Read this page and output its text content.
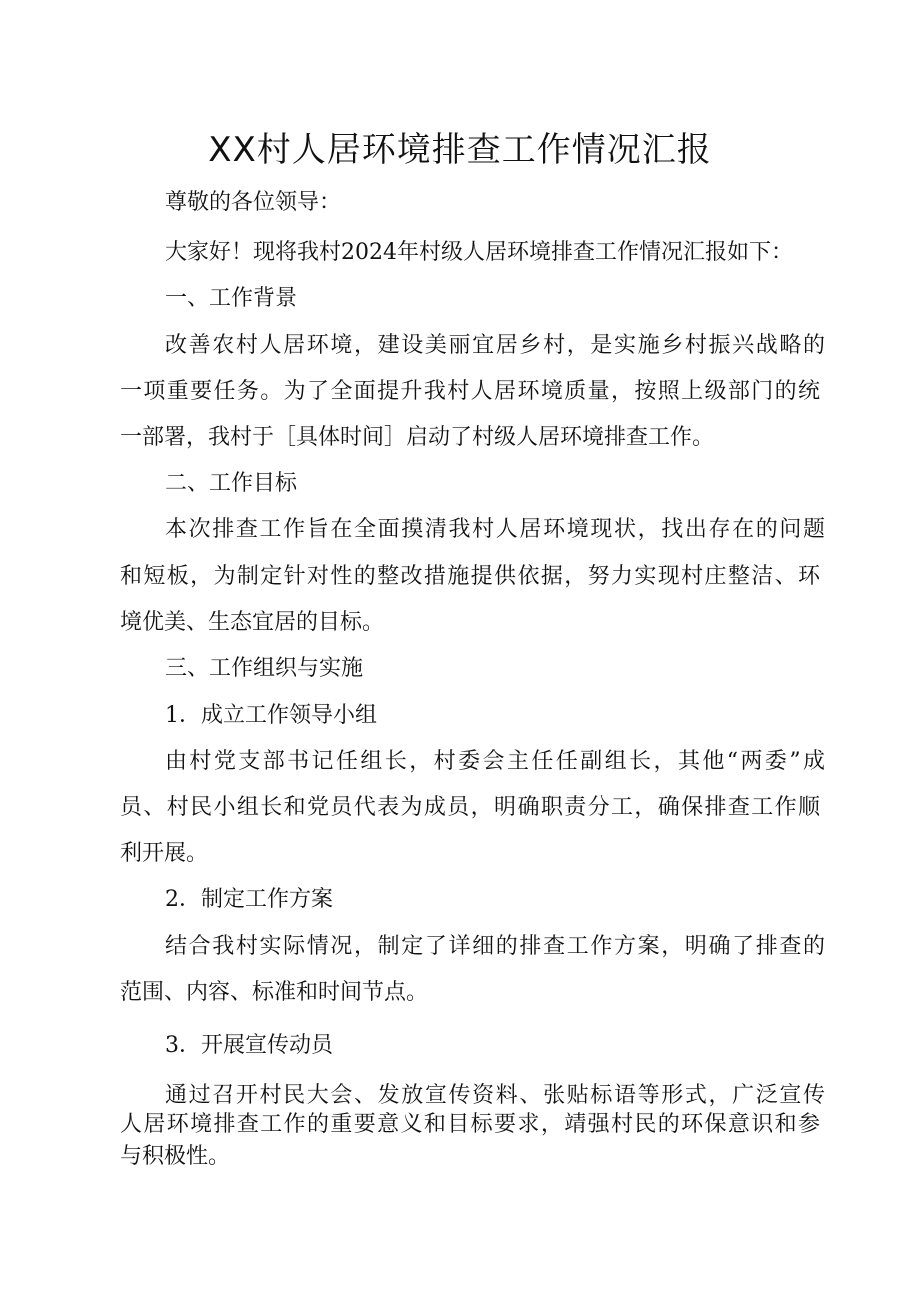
XX村人居环境排查工作情况汇报
尊敬的各位领导：
大家好！现将我村2024年村级人居环境排查工作情况汇报如下：
一、工作背景
改善农村人居环境，建设美丽宜居乡村，是实施乡村振兴战略的
一项重要任务。为了全面提升我村人居环境质量，按照上级部门的统
一部署，我村于［具体时间］启动了村级人居环境排查工作。
二、工作目标
本次排查工作旨在全面摸清我村人居环境现状，找出存在的问题
和短板，为制定针对性的整改措施提供依据，努力实现村庄整洁、环
境优美、生态宜居的目标。
三、工作组织与实施
1．成立工作领导小组
由村党支部书记任组长，村委会主任任副组长，其他“两委”成
员、村民小组长和党员代表为成员，明确职责分工，确保排查工作顺
利开展。
2．制定工作方案
结合我村实际情况，制定了详细的排查工作方案，明确了排查的
范围、内容、标准和时间节点。
3．开展宣传动员
通过召开村民大会、发放宣传资料、张贴标语等形式，广泛宣传
人居环境排查工作的重要意义和目标要求，靖强村民的环保意识和参
与积极性。
